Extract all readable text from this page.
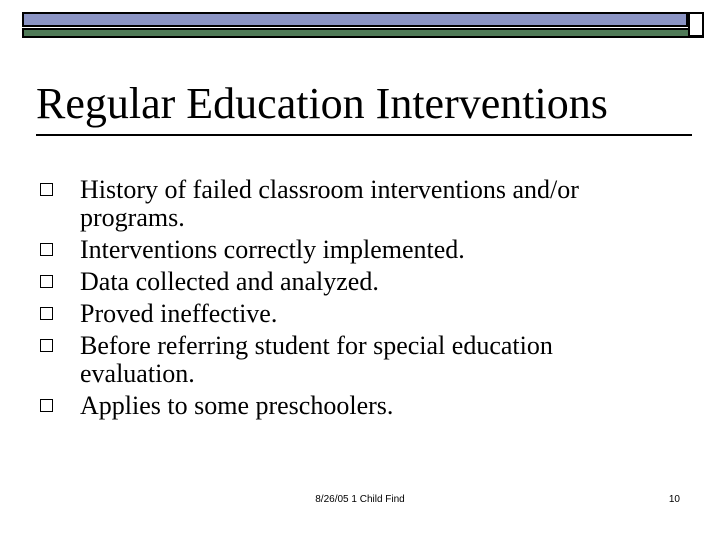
Regular Education Interventions
History of failed classroom interventions and/or programs.
Interventions correctly implemented.
Data collected and analyzed.
Proved ineffective.
Before referring student for special education evaluation.
Applies to some preschoolers.
8/26/05 1 Child Find	10
